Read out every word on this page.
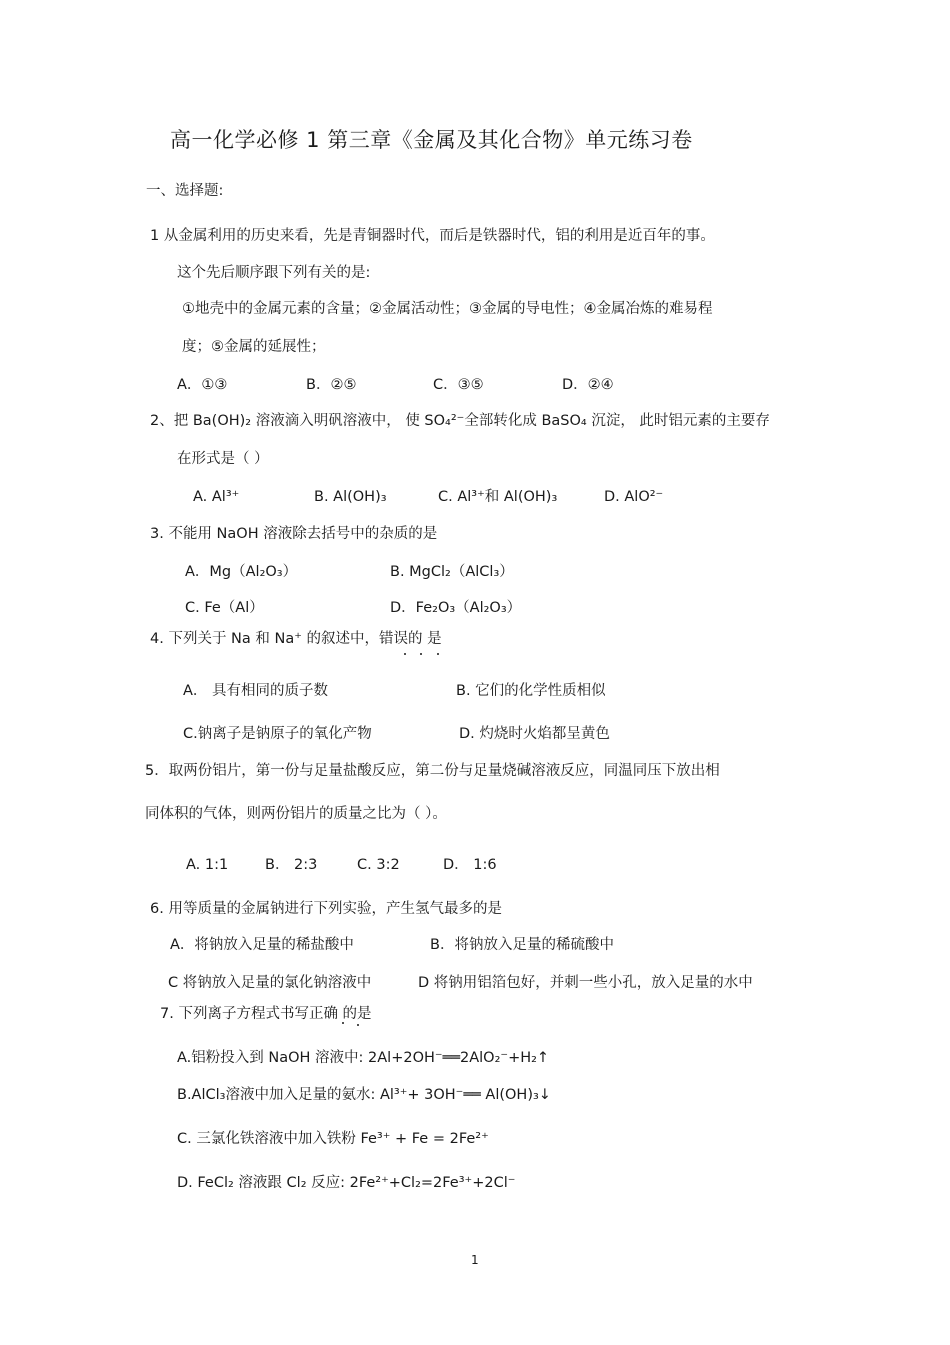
高一化学必修 1 第三章《金属及其化合物》单元练习卷
一、选择题:
1 从金属利用的历史来看，先是青铜器时代，而后是铁器时代，铝的利用是近百年的事。
这个先后顺序跟下列有关的是:
①地壳中的金属元素的含量；②金属活动性；③金属的导电性；④金属冶炼的难易程
度；⑤金属的延展性；
A．①③	B．②⑤	C．③⑤	D．②④
2、把 Ba(OH)₂ 溶液滴入明矾溶液中， 使 SO₄²⁻全部转化成 BaSO₄ 沉淀， 此时铝元素的主要存
在形式是（ ）
A. Al³⁺	B. Al(OH)₃	C. Al³⁺和 Al(OH)₃	D. AlO²⁻
3. 不能用 NaOH 溶液除去括号中的杂质的是
A．Mg（Al₂O₃）	B. MgCl₂（AlCl₃）
C. Fe（Al）	D．Fe₂O₃（Al₂O₃）
4. 下列关于 Na 和 Na⁺ 的叙述中，错误的 是
A． 具有相同的质子数	B. 它们的化学性质相似
C.钠离子是钠原子的氧化产物	D. 灼烧时火焰都呈黄色
5．取两份铝片，第一份与足量盐酸反应，第二份与足量烧碱溶液反应，同温同压下放出相
同体积的气体，则两份铝片的质量之比为（ ）。
A. 1:1	B． 2:3	C. 3:2	D． 1:6
6. 用等质量的金属钠进行下列实验，产生氢气最多的是
A．将钠放入足量的稀盐酸中	B．将钠放入足量的稀硫酸中
C 将钠放入足量的氯化钠溶液中	D 将钠用铝箔包好，并刺一些小孔，放入足量的水中
7. 下列离子方程式书写正确 的是
A.铝粉投入到 NaOH 溶液中: 2Al+2OH⁻══2AlO₂⁻+H₂↑
B.AlCl₃溶液中加入足量的氨水: Al³⁺+ 3OH⁻══ Al(OH)₃↓
C. 三氯化铁溶液中加入铁粉 Fe³⁺ + Fe = 2Fe²⁺
D. FeCl₂ 溶液跟 Cl₂ 反应: 2Fe²⁺+Cl₂=2Fe³⁺+2Cl⁻
1
